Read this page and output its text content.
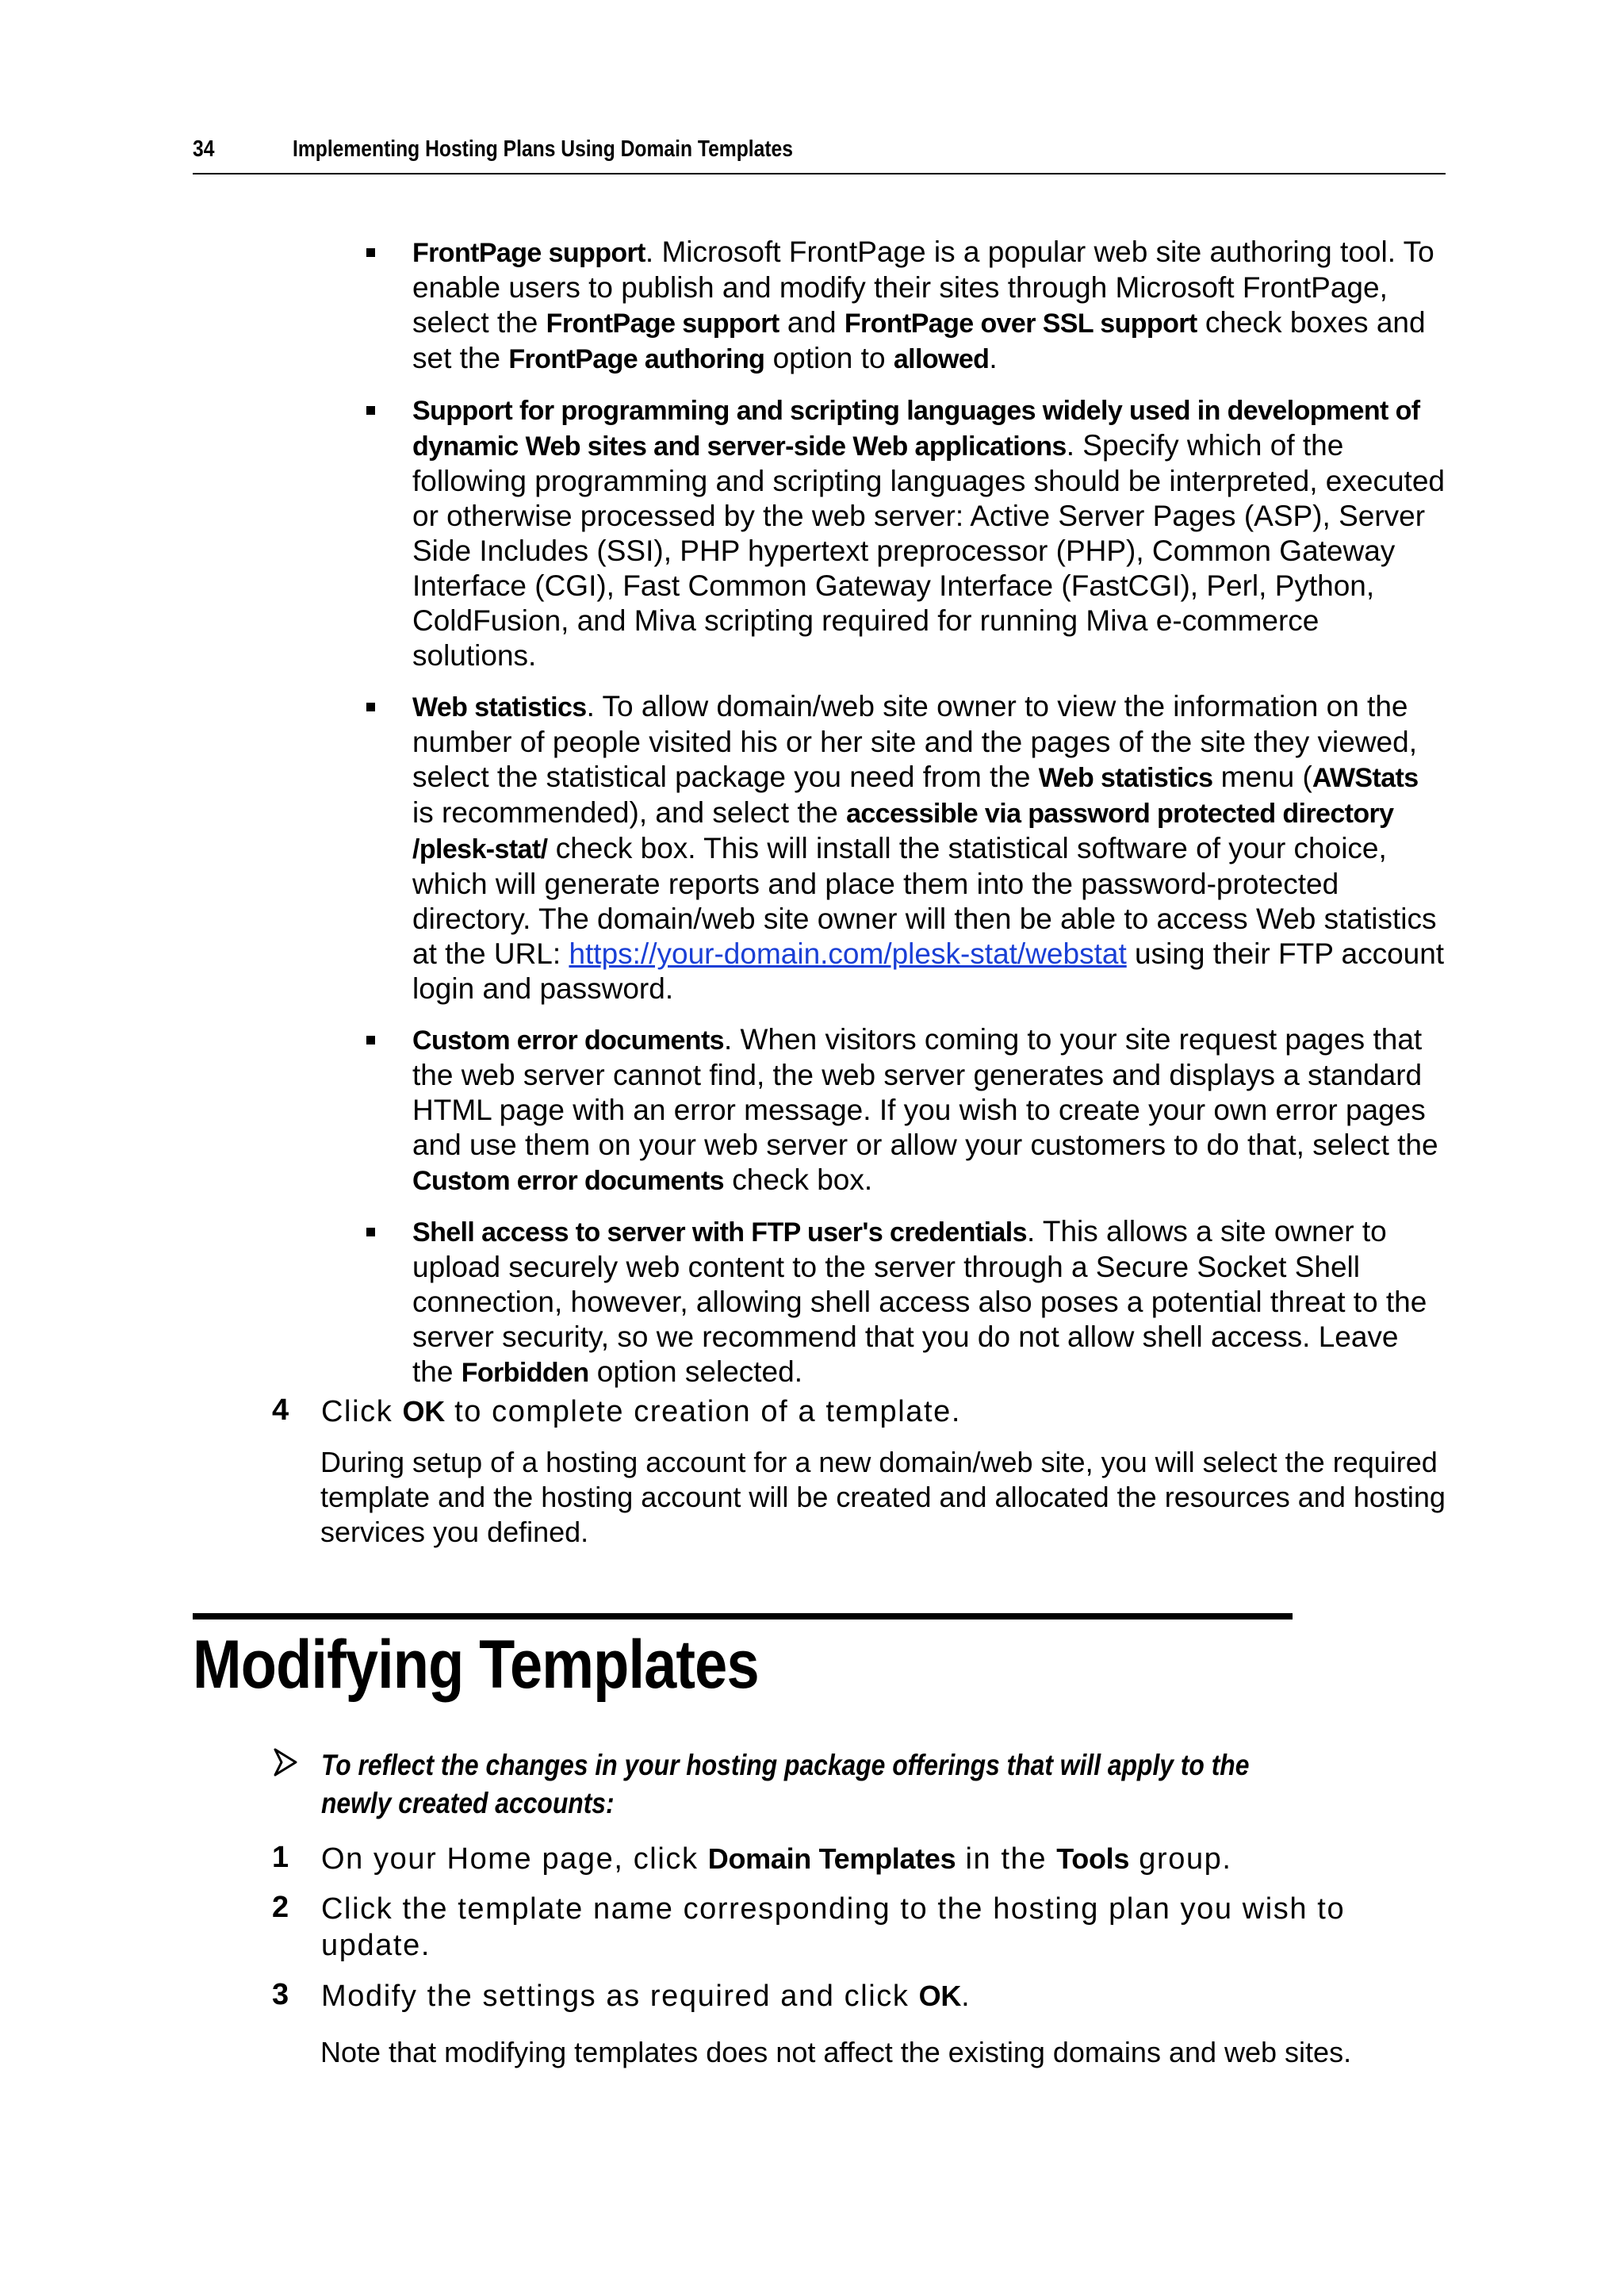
34	Implementing Hosting Plans Using Domain Templates
FrontPage support. Microsoft FrontPage is a popular web site authoring tool. To enable users to publish and modify their sites through Microsoft FrontPage, select the FrontPage support and FrontPage over SSL support check boxes and set the FrontPage authoring option to allowed.
Support for programming and scripting languages widely used in development of dynamic Web sites and server-side Web applications. Specify which of the following programming and scripting languages should be interpreted, executed or otherwise processed by the web server: Active Server Pages (ASP), Server Side Includes (SSI), PHP hypertext preprocessor (PHP), Common Gateway Interface (CGI), Fast Common Gateway Interface (FastCGI), Perl, Python, ColdFusion, and Miva scripting required for running Miva e-commerce solutions.
Web statistics. To allow domain/web site owner to view the information on the number of people visited his or her site and the pages of the site they viewed, select the statistical package you need from the Web statistics menu (AWStats is recommended), and select the accessible via password protected directory /plesk-stat/ check box. This will install the statistical software of your choice, which will generate reports and place them into the password-protected directory. The domain/web site owner will then be able to access Web statistics at the URL: https://your-domain.com/plesk-stat/webstat using their FTP account login and password.
Custom error documents. When visitors coming to your site request pages that the web server cannot find, the web server generates and displays a standard HTML page with an error message. If you wish to create your own error pages and use them on your web server or allow your customers to do that, select the Custom error documents check box.
Shell access to server with FTP user's credentials. This allows a site owner to upload securely web content to the server through a Secure Socket Shell connection, however, allowing shell access also poses a potential threat to the server security, so we recommend that you do not allow shell access. Leave the Forbidden option selected.
4 Click OK to complete creation of a template.
During setup of a hosting account for a new domain/web site, you will select the required template and the hosting account will be created and allocated the resources and hosting services you defined.
Modifying Templates
To reflect the changes in your hosting package offerings that will apply to the newly created accounts:
1 On your Home page, click Domain Templates in the Tools group.
2 Click the template name corresponding to the hosting plan you wish to update.
3 Modify the settings as required and click OK.
Note that modifying templates does not affect the existing domains and web sites.
